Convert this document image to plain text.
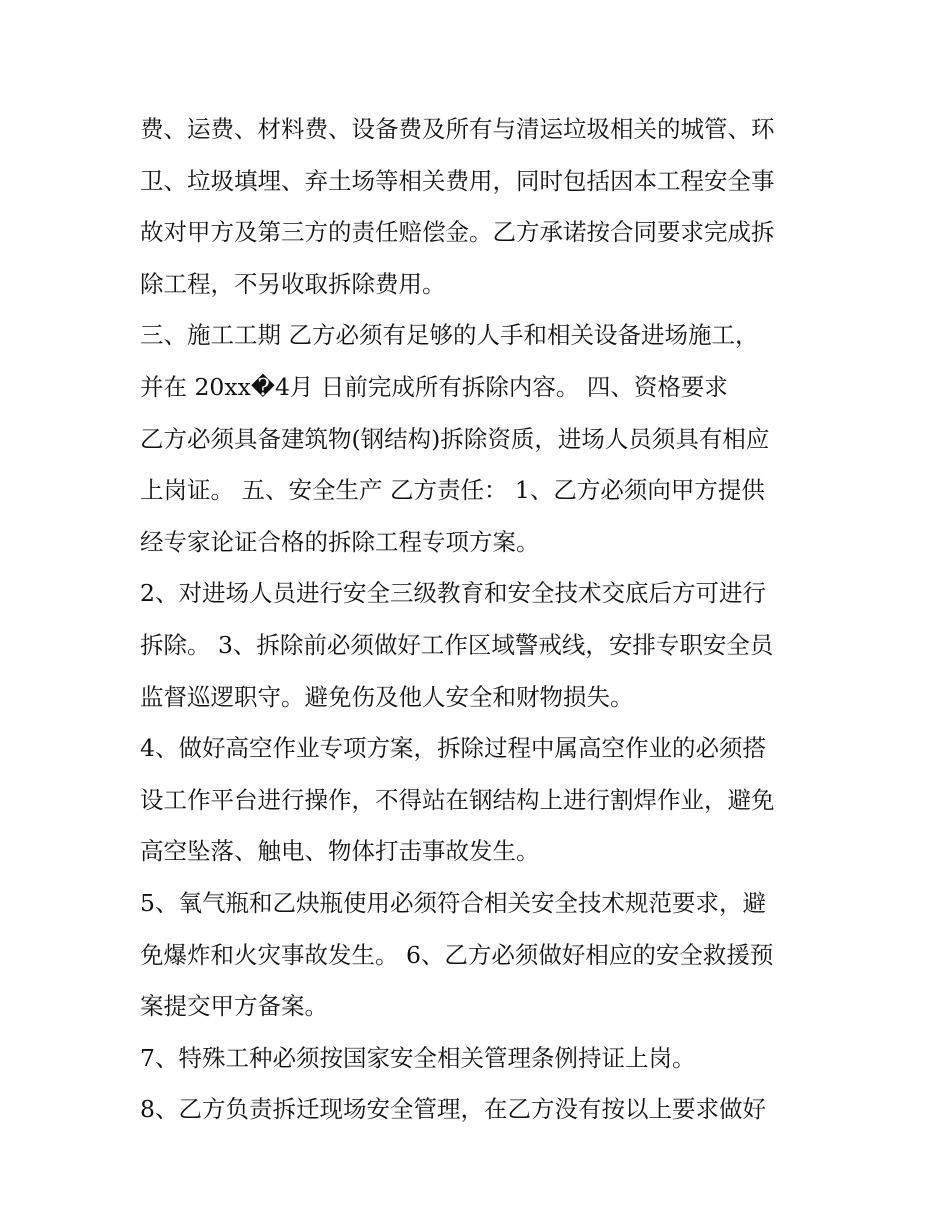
费、运费、材料费、设备费及所有与清运垃圾相关的城管、环
卫、垃圾填埋、弃土场等相关费用，同时包括因本工程安全事
故对甲方及第三方的责任赔偿金。乙方承诺按合同要求完成拆
除工程，不另收取拆除费用。
三、施工工期 乙方必须有足够的人手和相关设备进场施工，
并在 20xx�4月 日前完成所有拆除内容。 四、资格要求
乙方必须具备建筑物(钢结构)拆除资质，进场人员须具有相应
上岗证。 五、安全生产 乙方责任： 1、乙方必须向甲方提供
经专家论证合格的拆除工程专项方案。
2、对进场人员进行安全三级教育和安全技术交底后方可进行
拆除。 3、拆除前必须做好工作区域警戒线，安排专职安全员
监督巡逻职守。避免伤及他人安全和财物损失。
4、做好高空作业专项方案，拆除过程中属高空作业的必须搭
设工作平台进行操作，不得站在钢结构上进行割焊作业，避免
高空坠落、触电、物体打击事故发生。
5、氧气瓶和乙炔瓶使用必须符合相关安全技术规范要求，避
免爆炸和火灾事故发生。 6、乙方必须做好相应的安全救援预
案提交甲方备案。
7、特殊工种必须按国家安全相关管理条例持证上岗。
8、乙方负责拆迁现场安全管理，在乙方没有按以上要求做好
